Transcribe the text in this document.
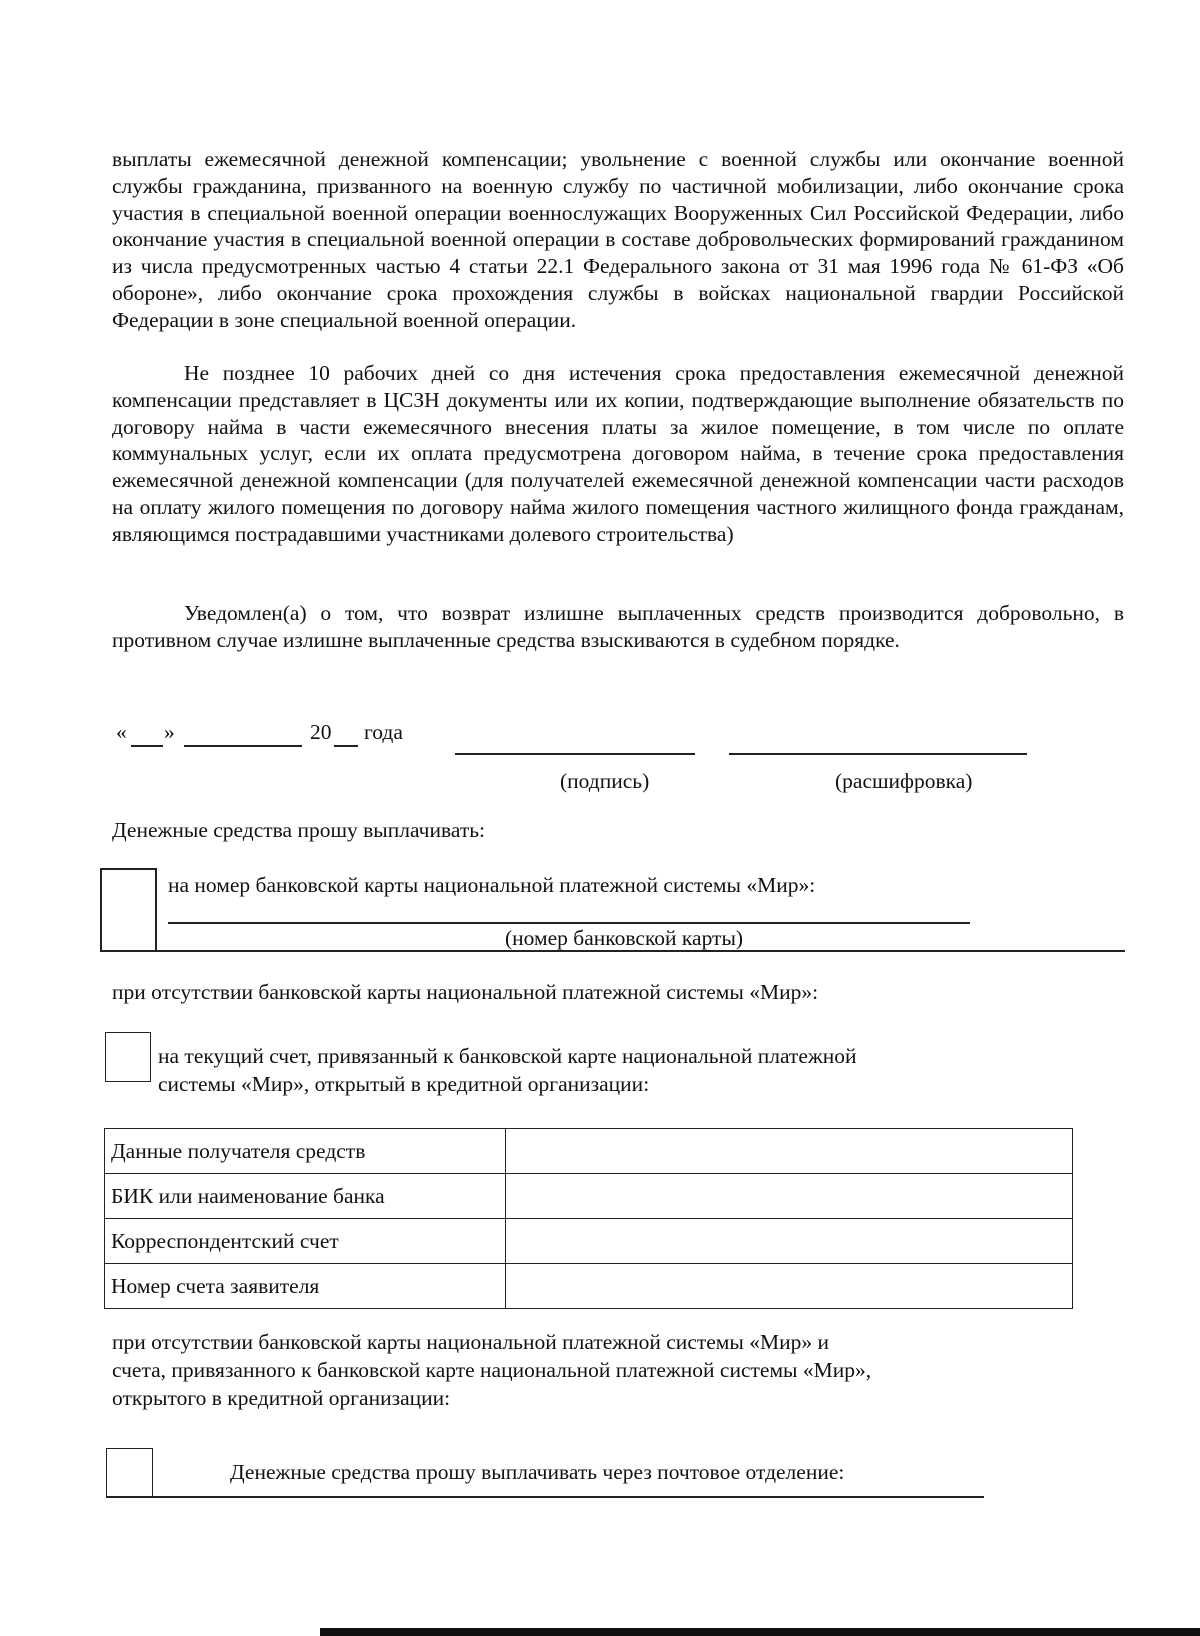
выплаты ежемесячной денежной компенсации; увольнение с военной службы или окончание военной службы гражданина, призванного на военную службу по частичной мобилизации, либо окончание срока участия в специальной военной операции военнослужащих Вооруженных Сил Российской Федерации, либо окончание участия в специальной военной операции в составе добровольческих формирований гражданином из числа предусмотренных частью 4 статьи 22.1 Федерального закона от 31 мая 1996 года № 61-ФЗ «Об обороне», либо окончание срока прохождения службы в войсках национальной гвардии Российской Федерации в зоне специальной военной операции.

Не позднее 10 рабочих дней со дня истечения срока предоставления ежемесячной денежной компенсации представляет в ЦСЗН документы или их копии, подтверждающие выполнение обязательств по договору найма в части ежемесячного внесения платы за жилое помещение, в том числе по оплате коммунальных услуг, если их оплата предусмотрена договором найма, в течение срока предоставления ежемесячной денежной компенсации (для получателей ежемесячной денежной компенсации части расходов на оплату жилого помещения по договору найма жилого помещения частного жилищного фонда гражданам, являющимся пострадавшими участниками долевого строительства)

Уведомлен(а) о том, что возврат излишне выплаченных средств производится добровольно, в противном случае излишне выплаченные средства взыскиваются в судебном порядке.

« »	20 года
(подпись)	(расшифровка)
Денежные средства прошу выплачивать:
на номер банковской карты национальной платежной системы «Мир»:
(номер банковской карты)
при отсутствии банковской карты национальной платежной системы «Мир»:
на текущий счет, привязанный к банковской карте национальной платежной
системы «Мир», открытый в кредитной организации:
Данные получателя средств	
БИК или наименование банка	
Корреспондентский счет	
Номер счета заявителя	
при отсутствии банковской карты национальной платежной системы «Мир» и
счета, привязанного к банковской карте национальной платежной системы «Мир»,
открытого в кредитной организации:
Денежные средства прошу выплачивать через почтовое отделение:
